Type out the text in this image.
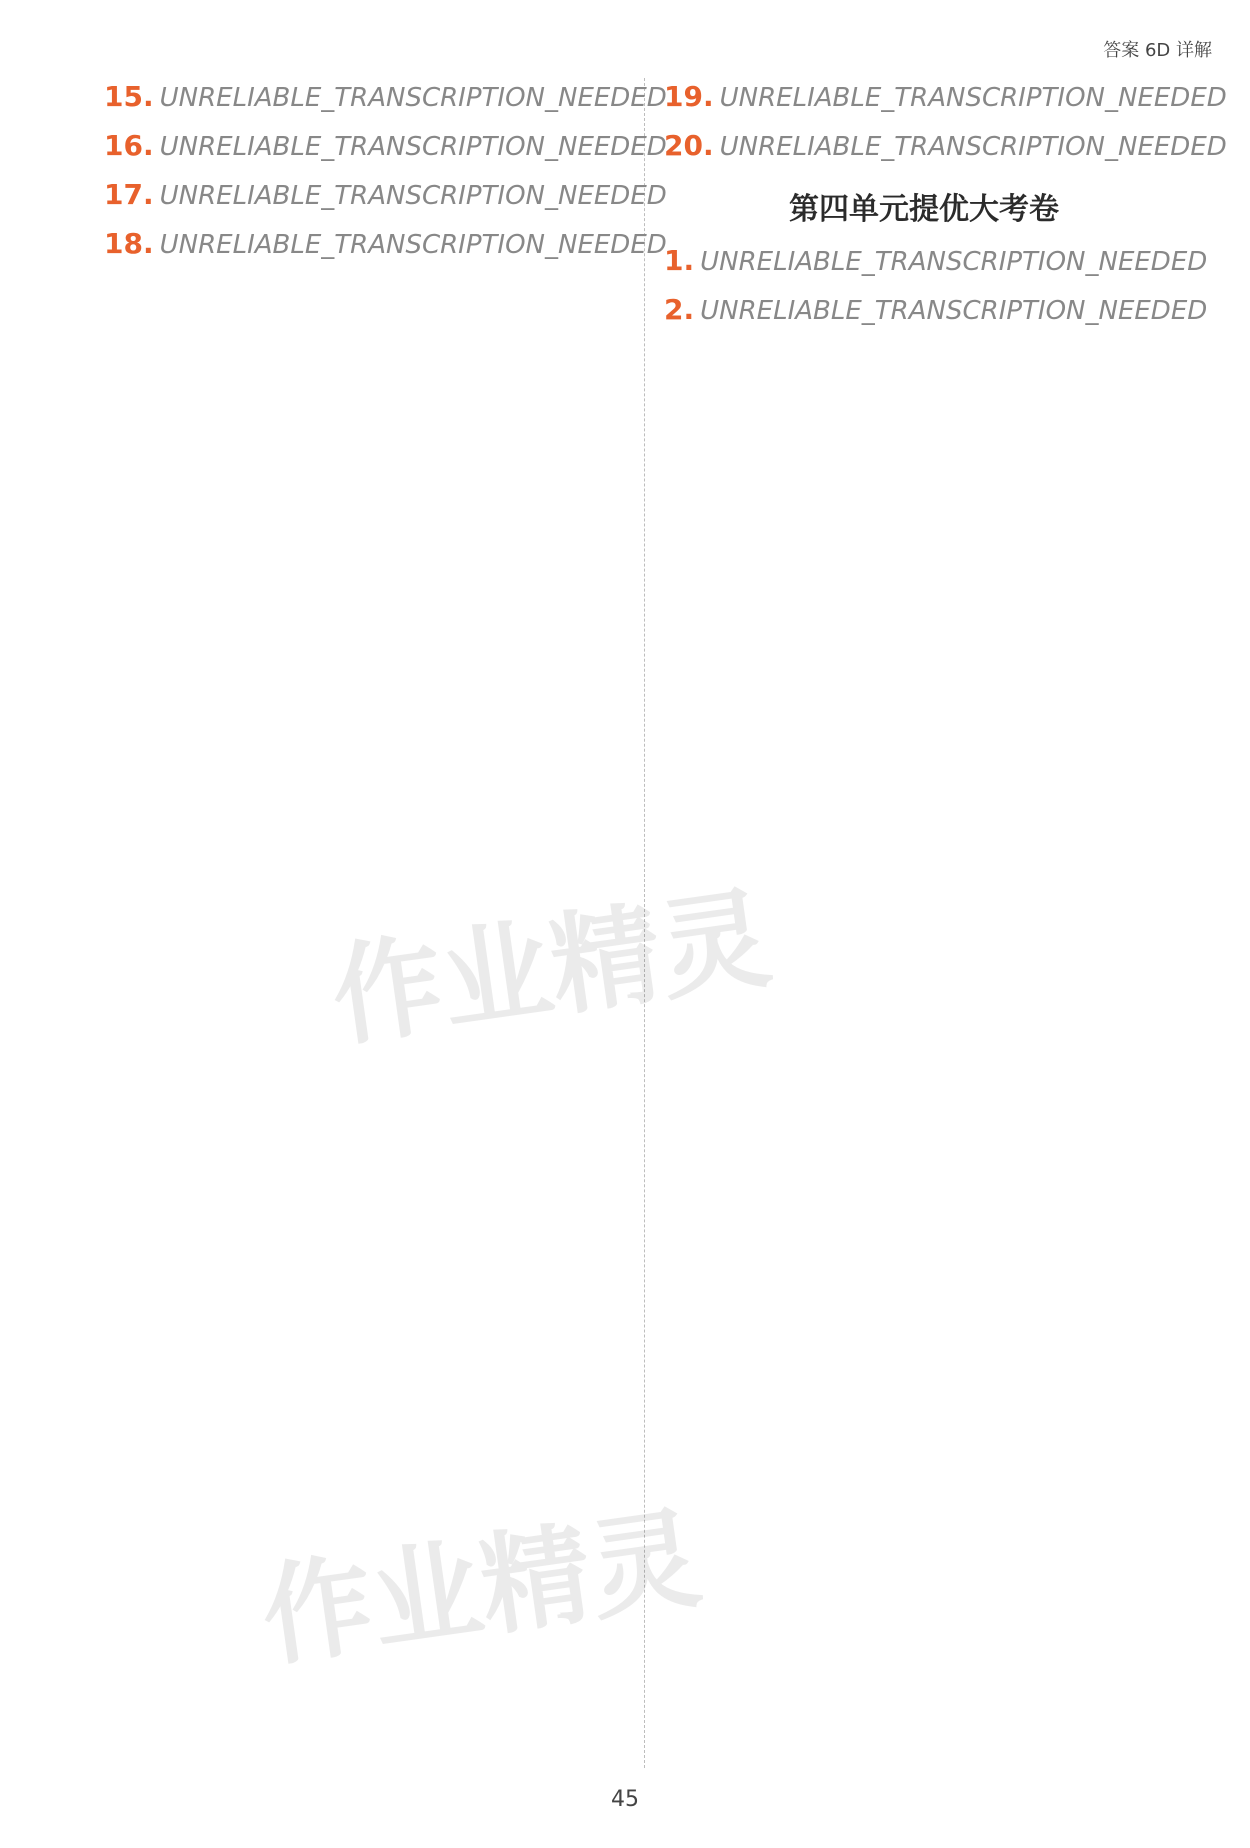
答案 6D 详解
15. UNRELIABLE_TRANSCRIPTION_NEEDED
16. UNRELIABLE_TRANSCRIPTION_NEEDED
17. UNRELIABLE_TRANSCRIPTION_NEEDED
18. UNRELIABLE_TRANSCRIPTION_NEEDED
19. UNRELIABLE_TRANSCRIPTION_NEEDED
20. UNRELIABLE_TRANSCRIPTION_NEEDED
第四单元提优大考卷
1. UNRELIABLE_TRANSCRIPTION_NEEDED
2. UNRELIABLE_TRANSCRIPTION_NEEDED
作业精灵
作业精灵
45
